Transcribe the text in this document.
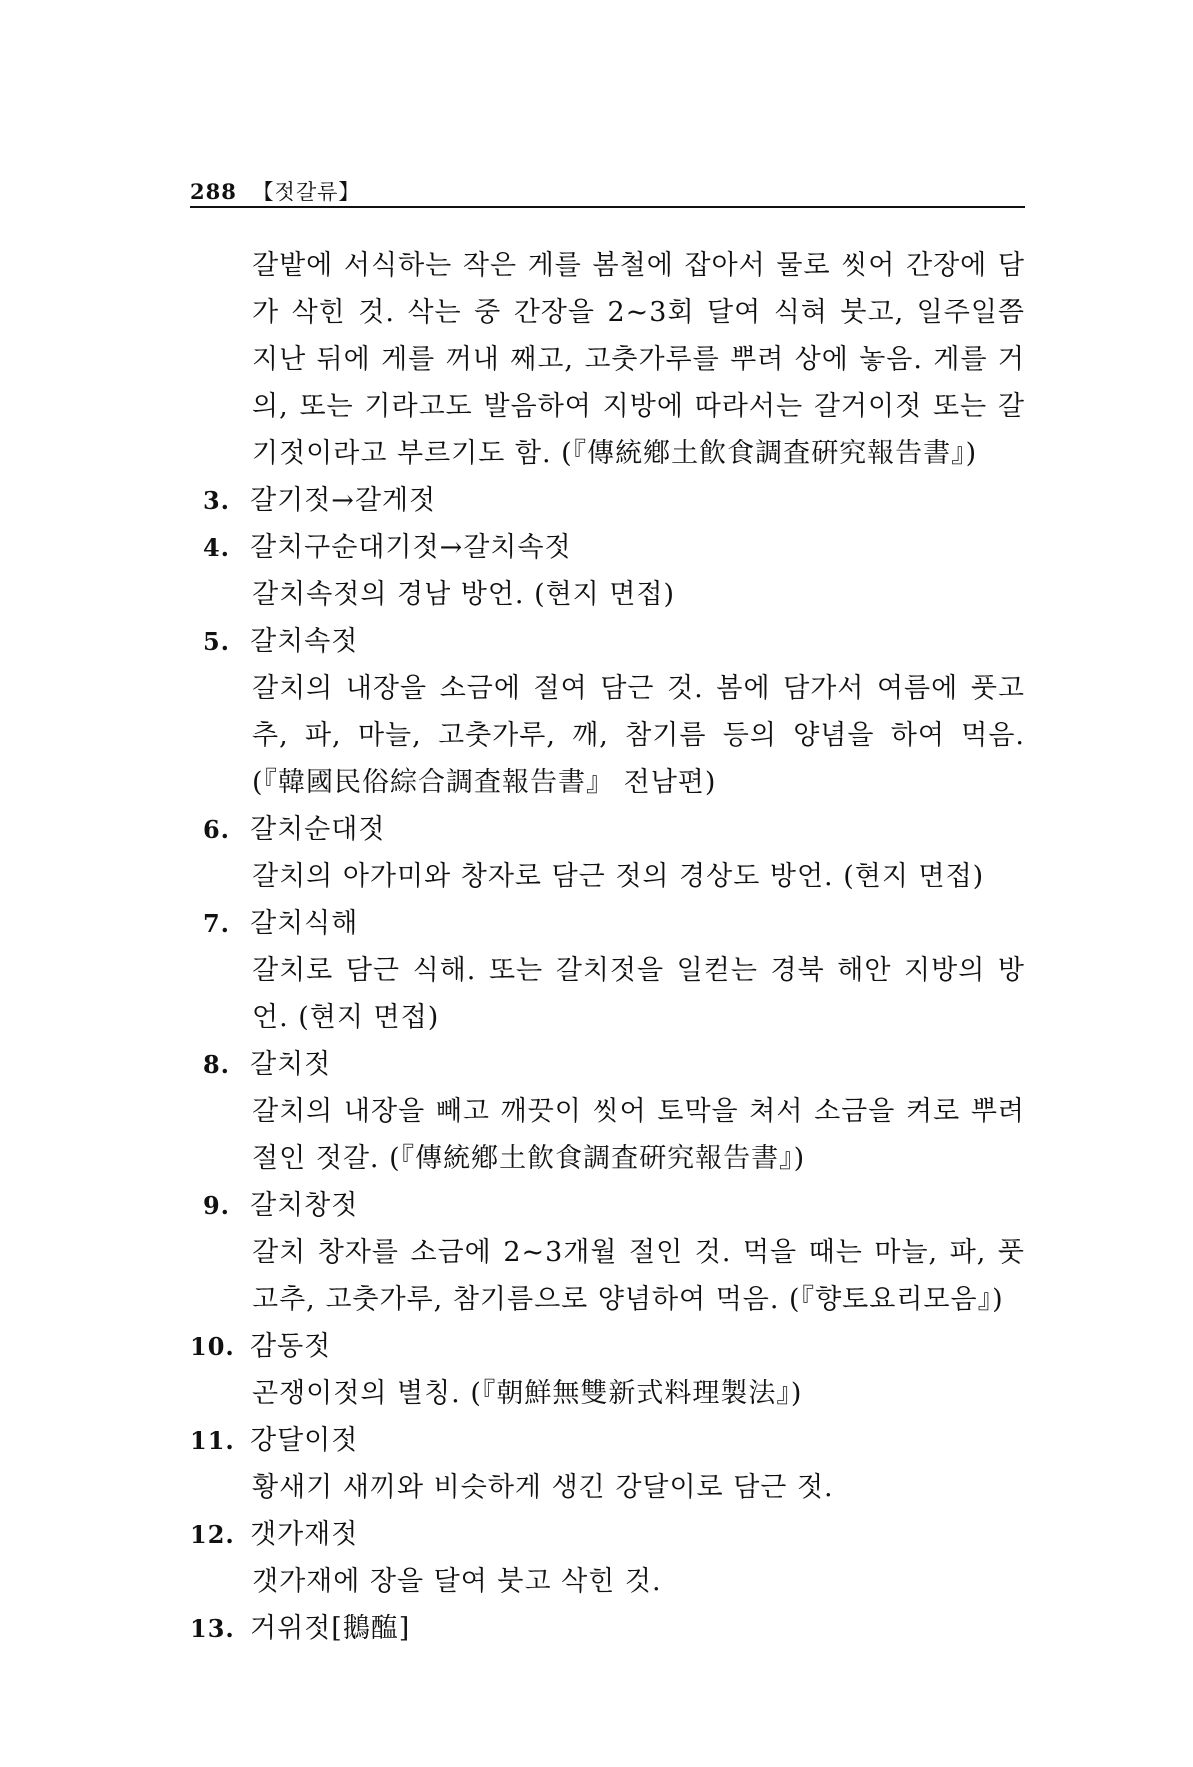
288 【젓갈류】

갈밭에 서식하는 작은 게를 봄철에 잡아서 물로 씻어 간장에 담가 삭힌 것. 삭는 중 간장을 2~3회 달여 식혀 붓고, 일주일쯤 지난 뒤에 게를 꺼내 째고, 고춧가루를 뿌려 상에 놓음. 게를 거의, 또는 기라고도 발음하여 지방에 따라서는 갈거이젓 또는 갈기젓이라고 부르기도 함. (『傳統鄕土飮食調査硏究報告書』)

3. 갈기젓→갈게젓

4. 갈치구순대기젓→갈치속젓

갈치속젓의 경남 방언. (현지 면접)

5. 갈치속젓

갈치의 내장을 소금에 절여 담근 것. 봄에 담가서 여름에 풋고추, 파, 마늘, 고춧가루, 깨, 참기름 등의 양념을 하여 먹음. (『韓國民俗綜合調査報告書』 전남편)

6. 갈치순대젓

갈치의 아가미와 창자로 담근 젓의 경상도 방언. (현지 면접)

7. 갈치식해

갈치로 담근 식해. 또는 갈치젓을 일컫는 경북 해안 지방의 방언. (현지 면접)

8. 갈치젓

갈치의 내장을 빼고 깨끗이 씻어 토막을 쳐서 소금을 켜로 뿌려 절인 젓갈. (『傳統鄕土飮食調査硏究報告書』)

9. 갈치창젓

갈치 창자를 소금에 2~3개월 절인 것. 먹을 때는 마늘, 파, 풋고추, 고춧가루, 참기름으로 양념하여 먹음. (『향토요리모음』)

10. 감동젓

곤쟁이젓의 별칭. (『朝鮮無雙新式料理製法』)

11. 강달이젓

황새기 새끼와 비슷하게 생긴 강달이로 담근 젓.

12. 갯가재젓

갯가재에 장을 달여 붓고 삭힌 것.

13. 거위젓[鵝醢]
